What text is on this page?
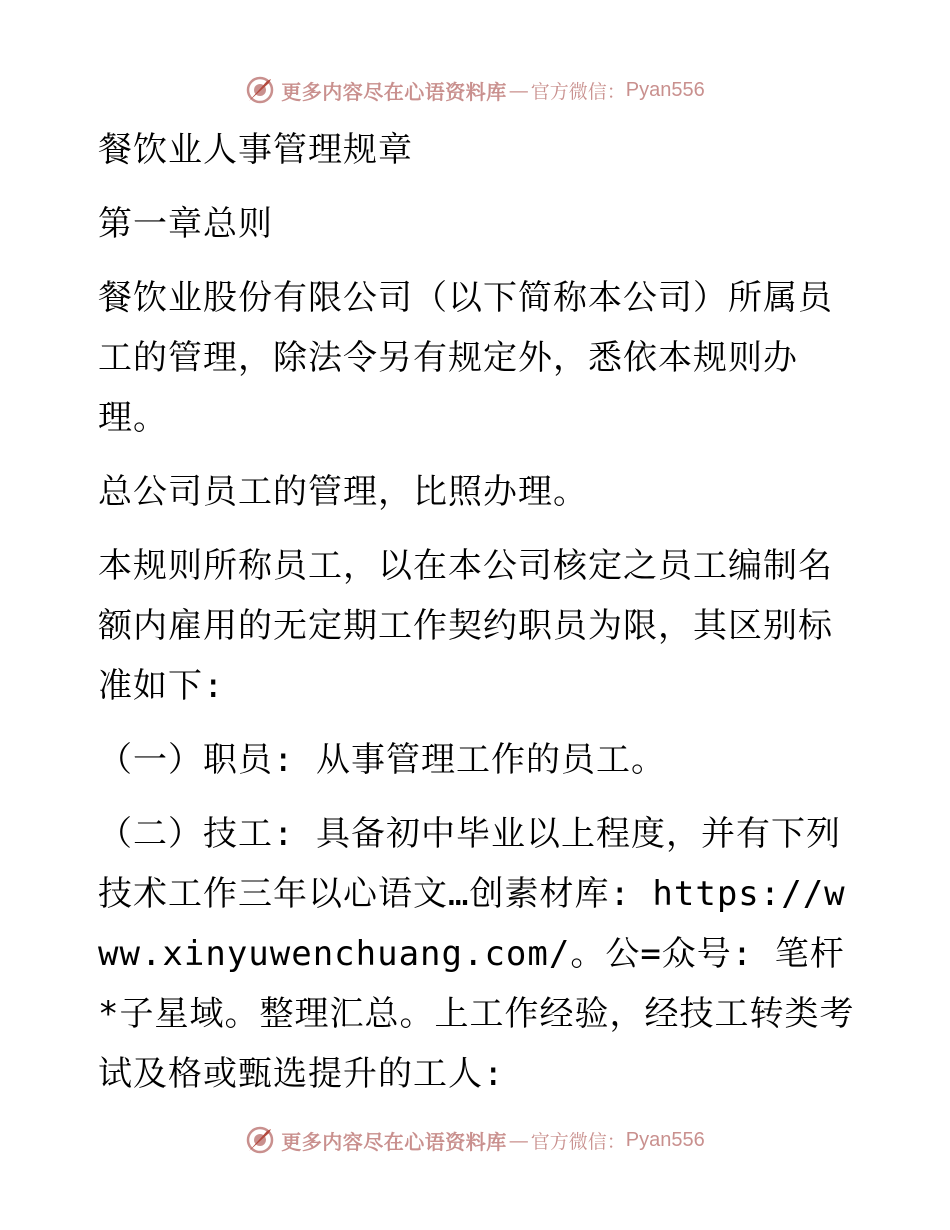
更多内容尽在心语资料库 — 官方微信： Pyan556

餐饮业人事管理规章

第一章总则

餐饮业股份有限公司（以下简称本公司）所属员工的管理，除法令另有规定外，悉依本规则办理。

总公司员工的管理，比照办理。

本规则所称员工，以在本公司核定之员工编制名额内雇用的无定期工作契约职员为限，其区别标准如下:

（一）职员: 从事管理工作的员工。

（二）技工: 具备初中毕业以上程度，并有下列技术工作三年以心语文…创素材库: https://www.xinyuwenchuang.com/。公=众号: 笔杆*子星域。整理汇总。上工作经验，经技工转类考试及格或甄选提升的工人:

更多内容尽在心语资料库 — 官方微信： Pyan556
